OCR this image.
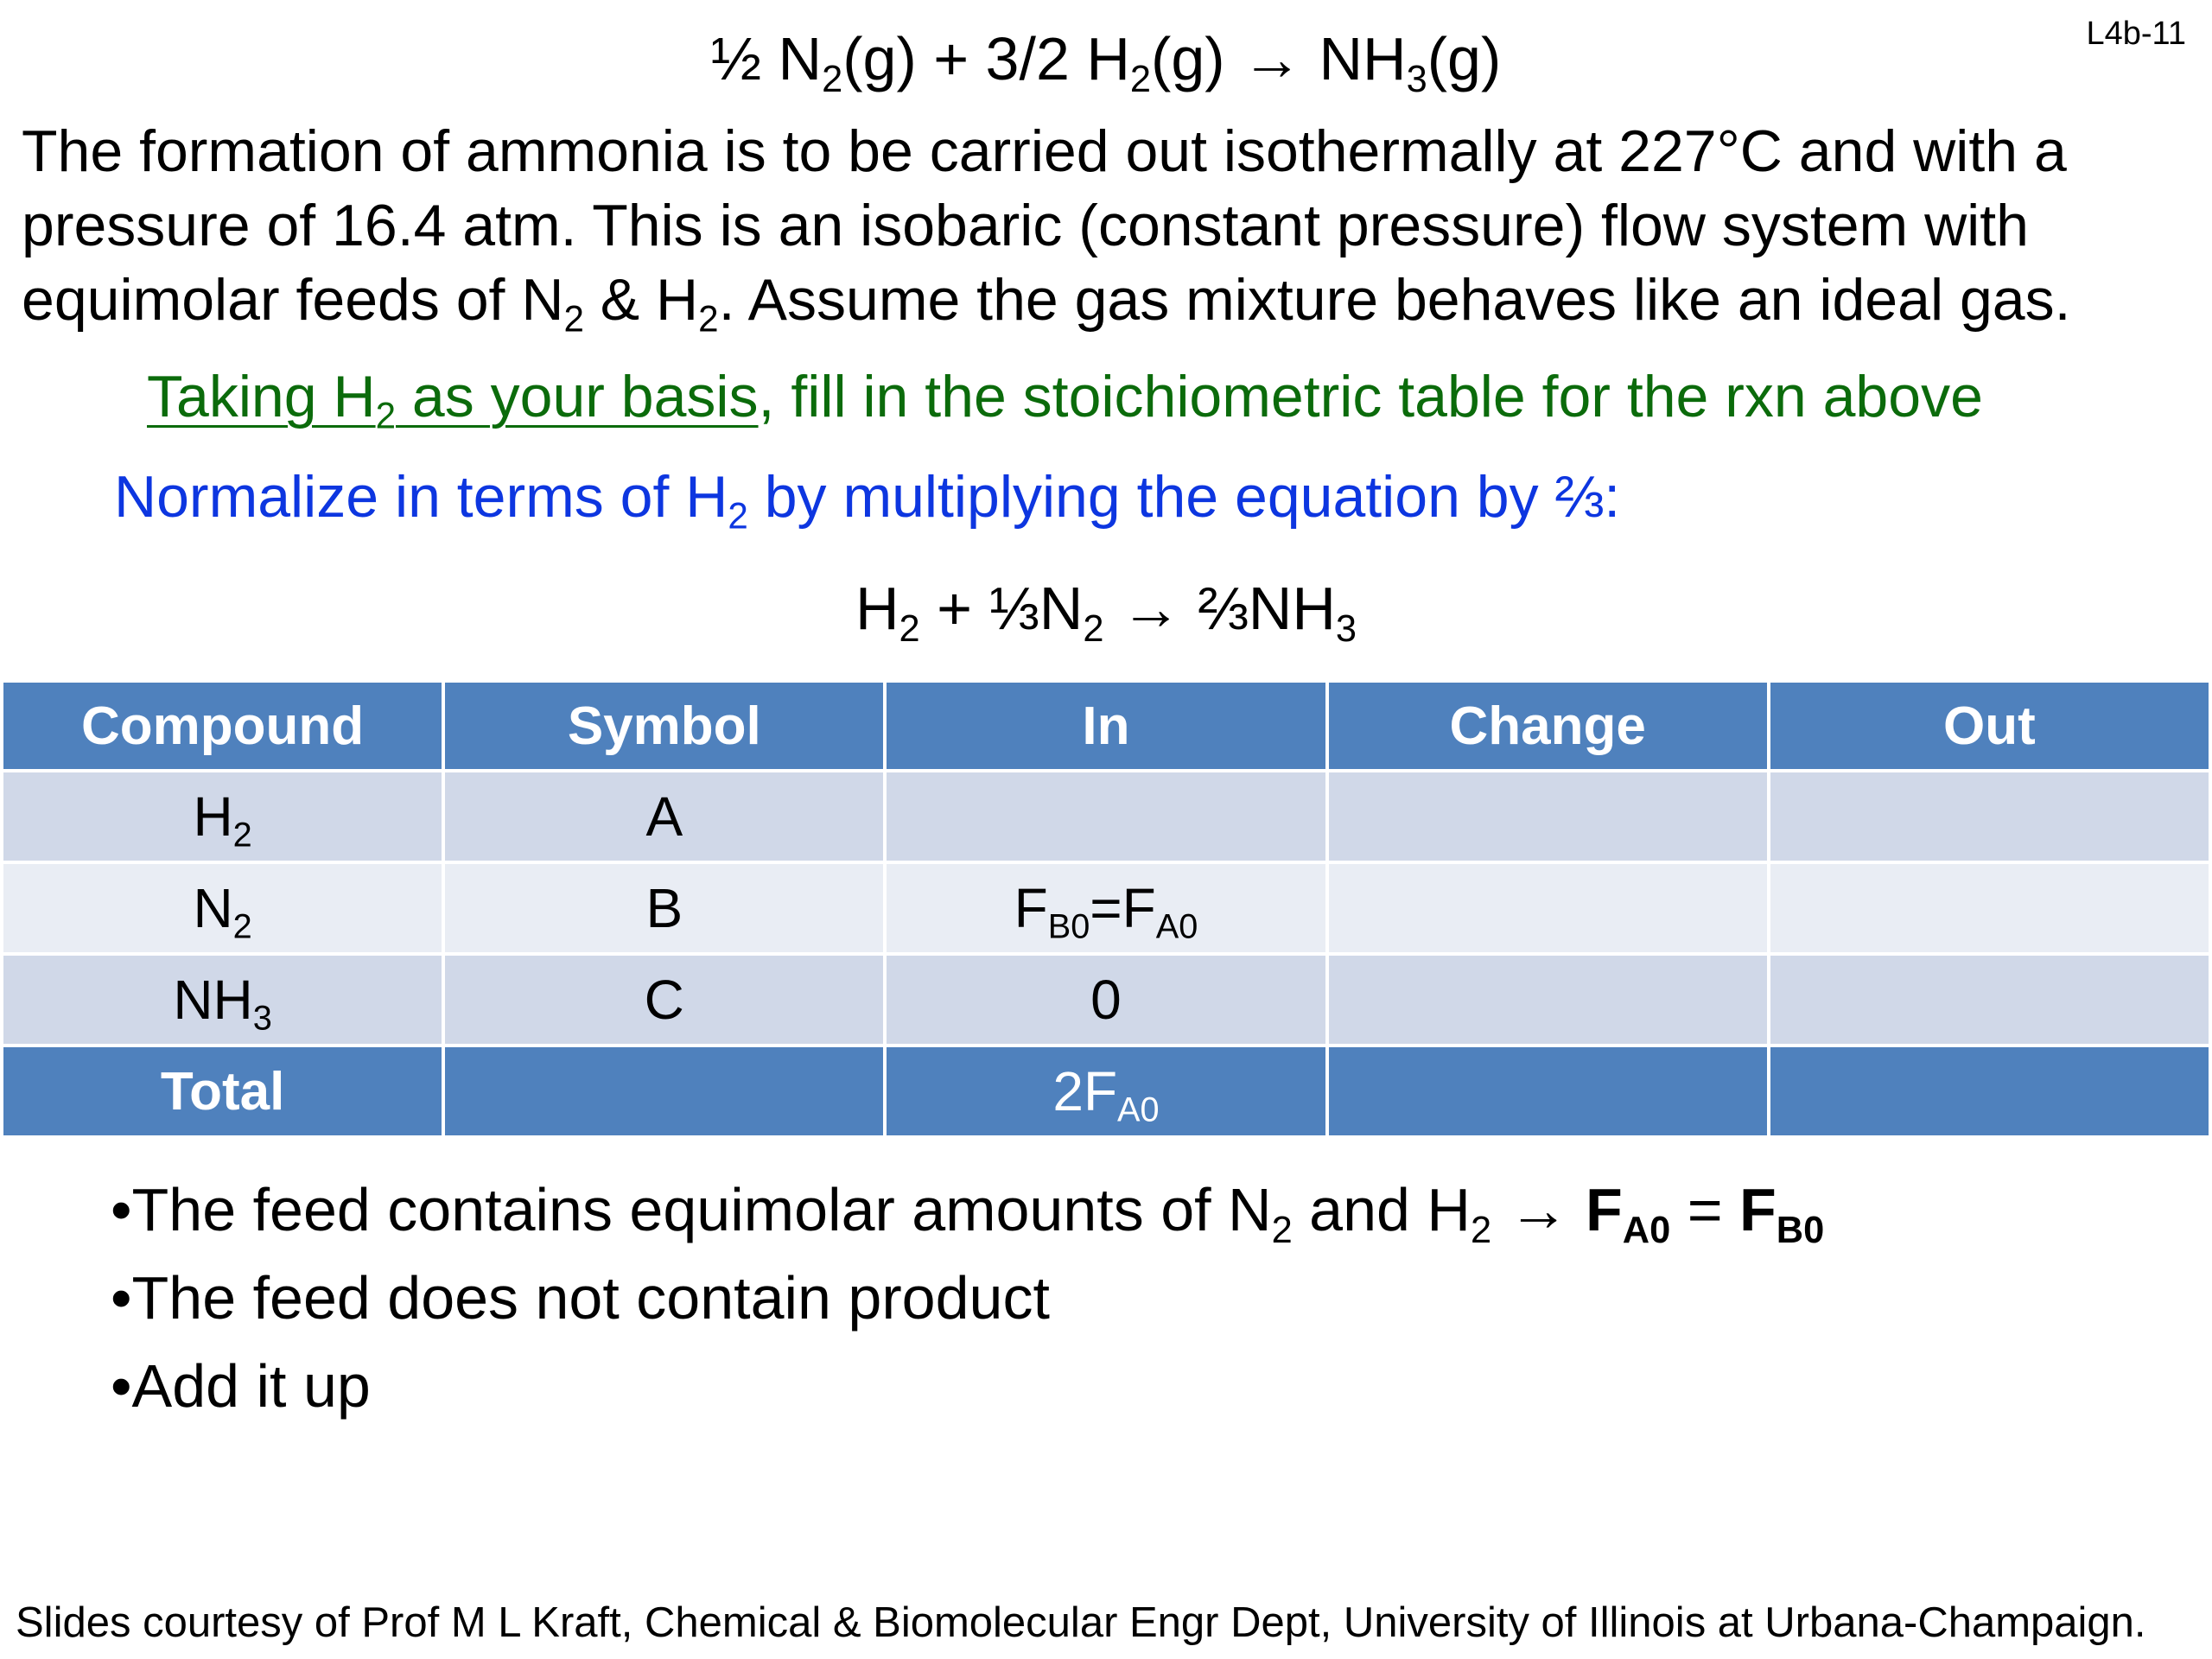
L4b-11
½ $N_2(g) + 3/2$ $H_2(g) \to NH_3(g)$
The formation of ammonia is to be carried out isothermally at 227°C and with a
pressure of 16.4 atm. This is an isobaric (constant pressure) flow system with
equimolar feeds of $N_2$ & $H_2$. Assume the gas mixture behaves like an ideal gas.
Taking $H_2$ as your basis, fill in the stoichiometric table for the rxn above
Normalize in terms of $H_2$ by multiplying the equation by ⅔:
$H_2$ + $\frac{1}{3}N_2$ → $\frac{2}{3}NH_3$
Compound	Symbol	In	Change	Out
$H_2$	A			
$N_2$	B	$F_{B0}=F_{A0}$		
$NH_3$	C	0		
Total		$2F_{A0}$		
•The feed contains equimolar amounts of $N_2$ and $H_2 \to F_{A0} = F_{B0}$
•The feed does not contain product
•Add it up
Slides courtesy of Prof M L Kraft, Chemical & Biomolecular Engr Dept, University of Illinois at Urbana-Champaign.
